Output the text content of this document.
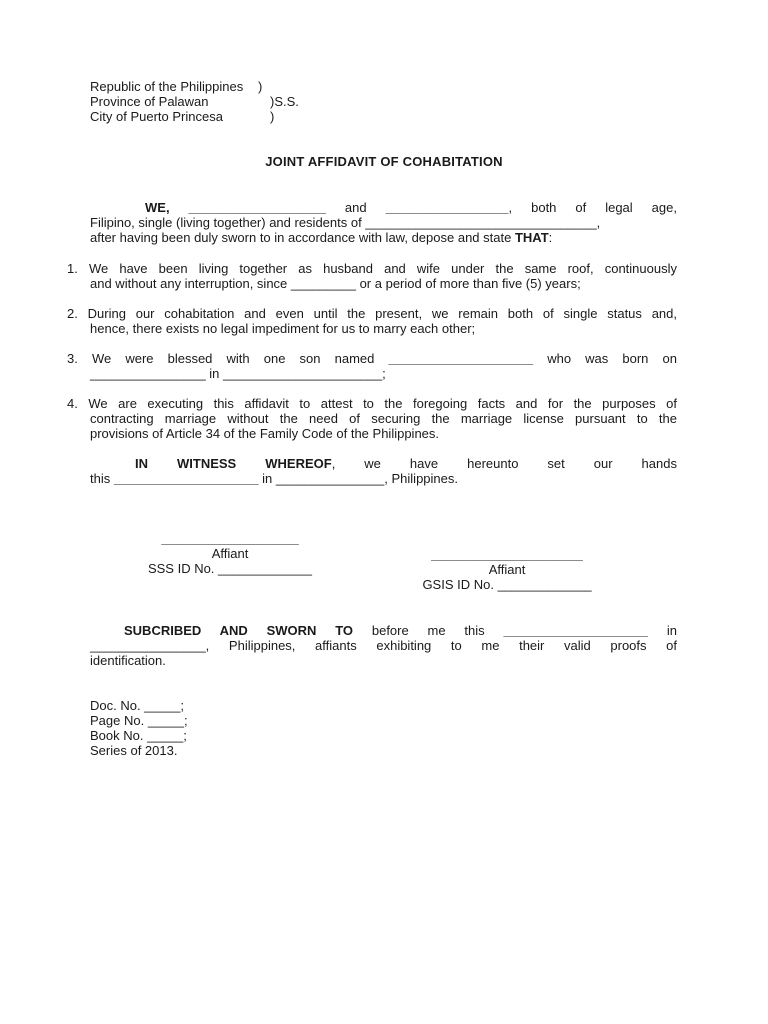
Republic of the Philippines )
Province of Palawan	)S.S.
City of Puerto Princesa	)
JOINT AFFIDAVIT OF COHABITATION
WE, ___________________ and _________________, both of legal age,
Filipino, single (living together) and residents of ________________________________,
after having been duly sworn to in accordance with law, depose and state THAT:
1. We have been living together as husband and wife under the same roof, continuously
and without any interruption, since _________ or a period of more than five (5) years;
2. During our cohabitation and even until the present, we remain both of single status and,
hence, there exists no legal impediment for us to marry each other;
3. We were blessed with one son named ____________________ who was born on
________________ in ______________________;
4. We are executing this affidavit to attest to the foregoing facts and for the purposes of
contracting marriage without the need of securing the marriage license pursuant to the
provisions of Article 34 of the Family Code of the Philippines.
IN WITNESS WHEREOF, we have hereunto set our hands
this ____________________ in _______________, Philippines.
___________________
Affiant
SSS ID No. _____________
_____________________
Affiant
GSIS ID No. _____________
SUBCRIBED AND SWORN TO before me this ____________________ in
________________, Philippines, affiants exhibiting to me their valid proofs of
identification.
Doc. No. _____;
Page No. _____;
Book No. _____;
Series of 2013.
